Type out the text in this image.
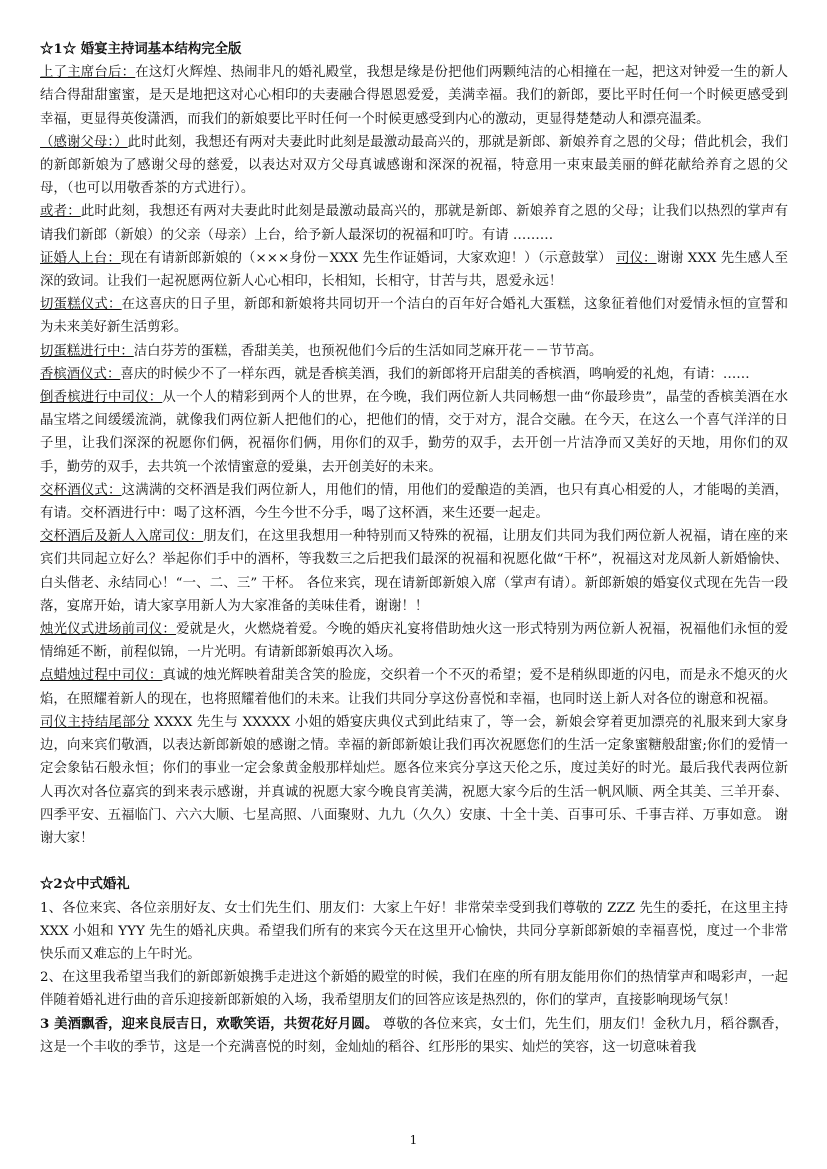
☆1☆ 婚宴主持词基本结构完全版

上了主席台后：在这灯火辉煌、热闹非凡的婚礼殿堂，我想是缘是份把他们两颗纯洁的心相撞在一起，把这对钟爱一生的新人结合得甜甜蜜蜜，是天是地把这对心心相印的夫妻融合得恩恩爱爱，美满幸福。我们的新郎，要比平时任何一个时候更感受到幸福，更显得英俊潇洒，而我们的新娘要比平时任何一个时候更感受到内心的激动，更显得楚楚动人和漂亮温柔。

（感谢父母：）此时此刻，我想还有两对夫妻此时此刻是最激动最高兴的，那就是新郎、新娘养育之恩的父母；借此机会，我们的新郎新娘为了感谢父母的慈爱，以表达对双方父母真诚感谢和深深的祝福，特意用一束束最美丽的鲜花献给养育之恩的父母，（也可以用敬香茶的方式进行）。

或者：此时此刻，我想还有两对夫妻此时此刻是最激动最高兴的，那就是新郎、新娘养育之恩的父母；让我们以热烈的掌声有请我们新郎（新娘）的父亲（母亲）上台，给予新人最深切的祝福和叮咛。有请 ………

证婚人上台：现在有请新郎新娘的（×××身份－XXX 先生作证婚词，大家欢迎！）（示意鼓掌） 司仪：谢谢 XXX 先生感人至深的致词。让我们一起祝愿两位新人心心相印，长相知，长相守，甘苦与共，恩爱永远！

切蛋糕仪式：在这喜庆的日子里，新郎和新娘将共同切开一个洁白的百年好合婚礼大蛋糕，这象征着他们对爱情永恒的宣誓和为未来美好新生活剪彩。

切蛋糕进行中：洁白芬芳的蛋糕，香甜美美，也预祝他们今后的生活如同芝麻开花－－节节高。

香槟酒仪式：喜庆的时候少不了一样东西，就是香槟美酒，我们的新郎将开启甜美的香槟酒，鸣响爱的礼炮，有请：……

倒香槟进行中司仪：从一个人的精彩到两个人的世界，在今晚，我们两位新人共同畅想一曲“你最珍贵”，晶莹的香槟美酒在水晶宝塔之间缓缓流淌，就像我们两位新人把他们的心，把他们的情，交于对方，混合交融。在今天，在这么一个喜气洋洋的日子里，让我们深深的祝愿你们俩，祝福你们俩，用你们的双手，勤劳的双手，去开创一片洁净而又美好的天地，用你们的双手，勤劳的双手，去共筑一个浓情蜜意的爱巢，去开创美好的未来。

交杯酒仪式：这满满的交杯酒是我们两位新人，用他们的情，用他们的爱酿造的美酒，也只有真心相爱的人，才能喝的美酒，有请。交杯酒进行中：喝了这杯酒，今生今世不分手，喝了这杯酒，来生还要一起走。

交杯酒后及新人入席司仪：朋友们，在这里我想用一种特别而又特殊的祝福，让朋友们共同为我们两位新人祝福，请在座的来宾们共同起立好么？举起你们手中的酒杯，等我数三之后把我们最深的祝福和祝愿化做“干杯”，祝福这对龙凤新人新婚愉快、白头偕老、永结同心！“一、二、三” 干杯。 各位来宾，现在请新郎新娘入席（掌声有请）。新郎新娘的婚宴仪式现在先告一段落，宴席开始，请大家享用新人为大家准备的美味佳肴，谢谢！！

烛光仪式进场前司仪：爱就是火，火燃烧着爱。今晚的婚庆礼宴将借助烛火这一形式特别为两位新人祝福，祝福他们永恒的爱情绵延不断，前程似锦，一片光明。有请新郎新娘再次入场。

点蜡烛过程中司仪：真诚的烛光辉映着甜美含笑的脸庞，交织着一个不灭的希望；爱不是稍纵即逝的闪电，而是永不熄灭的火焰，在照耀着新人的现在，也将照耀着他们的未来。让我们共同分享这份喜悦和幸福，也同时送上新人对各位的谢意和祝福。

司仪主持结尾部分 XXXX 先生与 XXXXX 小姐的婚宴庆典仪式到此结束了，等一会，新娘会穿着更加漂亮的礼服来到大家身边，向来宾们敬酒，以表达新郎新娘的感谢之情。幸福的新郎新娘让我们再次祝愿您们的生活一定象蜜糖般甜蜜;你们的爱情一定会象钻石般永恒；你们的事业一定会象黄金般那样灿烂。愿各位来宾分享这天伦之乐，度过美好的时光。最后我代表两位新人再次对各位嘉宾的到来表示感谢，并真诚的祝愿大家今晚良宵美满，祝愿大家今后的生活一帆风顺、两全其美、三羊开泰、四季平安、五福临门、六六大顺、七星高照、八面聚财、九九（久久）安康、十全十美、百事可乐、千事吉祥、万事如意。 谢谢大家！

☆2☆中式婚礼

1、各位来宾、各位亲朋好友、女士们先生们、朋友们：大家上午好！非常荣幸受到我们尊敬的 ZZZ 先生的委托，在这里主持 XXX 小姐和 YYY 先生的婚礼庆典。希望我们所有的来宾今天在这里开心愉快，共同分享新郎新娘的幸福喜悦，度过一个非常快乐而又难忘的上午时光。

2、在这里我希望当我们的新郎新娘携手走进这个新婚的殿堂的时候，我们在座的所有朋友能用你们的热情掌声和喝彩声，一起伴随着婚礼进行曲的音乐迎接新郎新娘的入场，我希望朋友们的回答应该是热烈的，你们的掌声，直接影响现场气氛！

3 美酒飘香，迎来良辰吉日，欢歌笑语，共贺花好月圆。 尊敬的各位来宾，女士们，先生们，朋友们！金秋九月，稻谷飘香，这是一个丰收的季节，这是一个充满喜悦的时刻，金灿灿的稻谷、红彤彤的果实、灿烂的笑容，这一切意味着我

1
